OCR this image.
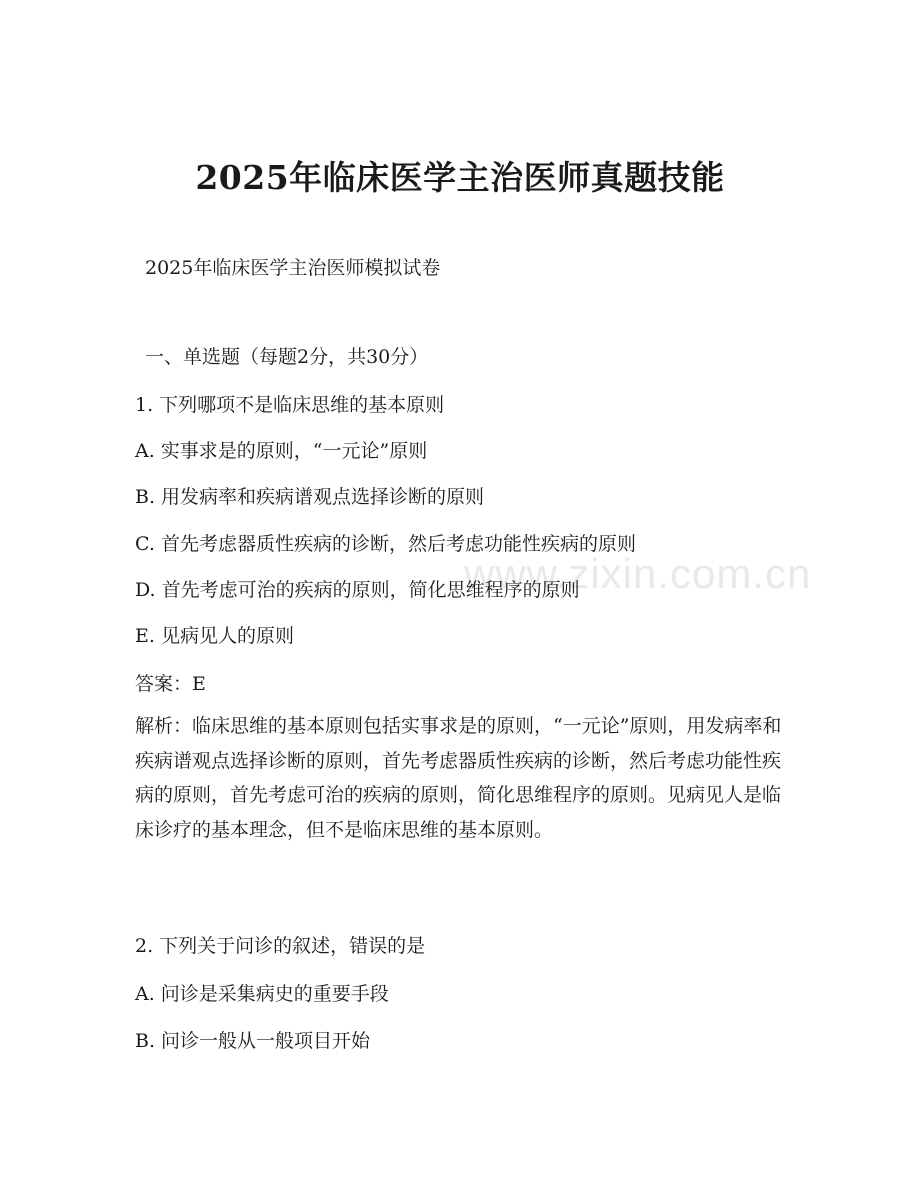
www.zixin.com.cn
2025年临床医学主治医师真题技能
2025年临床医学主治医师模拟试卷
一、单选题（每题2分，共30分）
1. 下列哪项不是临床思维的基本原则
A. 实事求是的原则，“一元论”原则
B. 用发病率和疾病谱观点选择诊断的原则
C. 首先考虑器质性疾病的诊断，然后考虑功能性疾病的原则
D. 首先考虑可治的疾病的原则，简化思维程序的原则
E. 见病见人的原则
答案：E
解析：临床思维的基本原则包括实事求是的原则，“一元论”原则，用发病率和疾病谱观点选择诊断的原则，首先考虑器质性疾病的诊断，然后考虑功能性疾病的原则，首先考虑可治的疾病的原则，简化思维程序的原则。见病见人是临床诊疗的基本理念，但不是临床思维的基本原则。
2. 下列关于问诊的叙述，错误的是
A. 问诊是采集病史的重要手段
B. 问诊一般从一般项目开始
